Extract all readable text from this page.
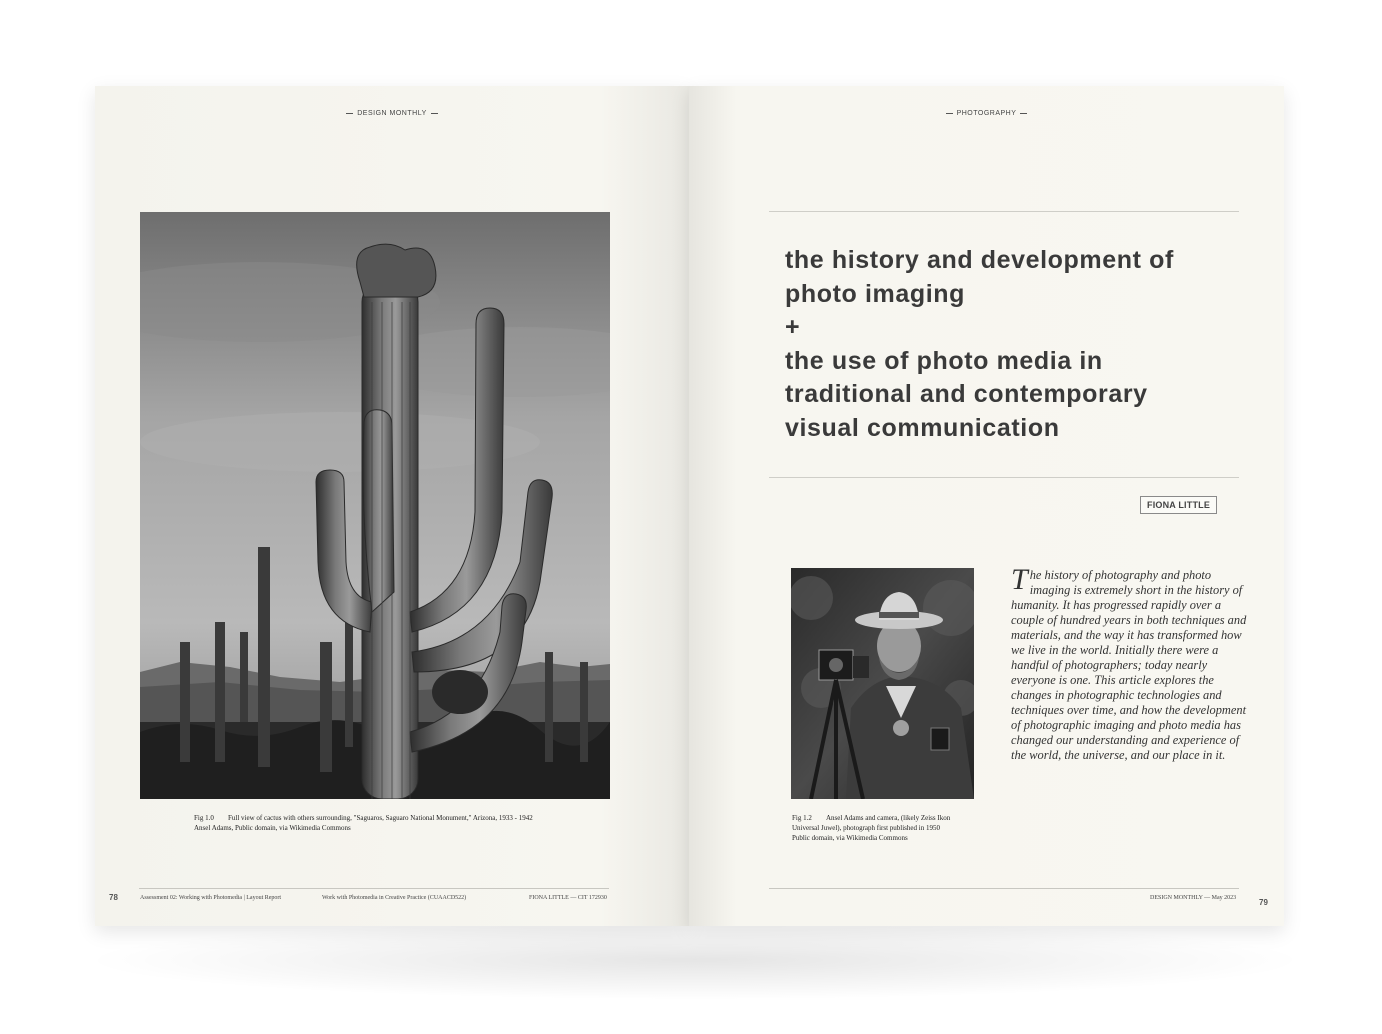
DESIGN MONTHLY
Fig 1.0 Full view of cactus with others surrounding, "Saguaros, Saguaro National Monument," Arizona, 1933 - 1942
Ansel Adams, Public domain, via Wikimedia Commons
78	Assessment 02: Working with Photomedia | Layout Report	Work with Photomedia in Creative Practice (CUAACD522)	FIONA LITTLE — CIT 172930
PHOTOGRAPHY
the history and development of
photo imaging
+
the use of photo media in
traditional and contemporary
visual communication
FIONA LITTLE
Fig 1.2 Ansel Adams and camera, (likely Zeiss Ikon
Universal Juwel), photograph first published in 1950
Public domain, via Wikimedia Commons
The history of photography and photo imaging is extremely short in the history of humanity. It has progressed rapidly over a couple of hundred years in both techniques and materials, and the way it has transformed how we live in the world. Initially there were a handful of photographers; today nearly everyone is one. This article explores the changes in photographic technologies and techniques over time, and how the development of photographic imaging and photo media has changed our understanding and experience of the world, the universe, and our place in it.
DESIGN MONTHLY — May 2023	79
